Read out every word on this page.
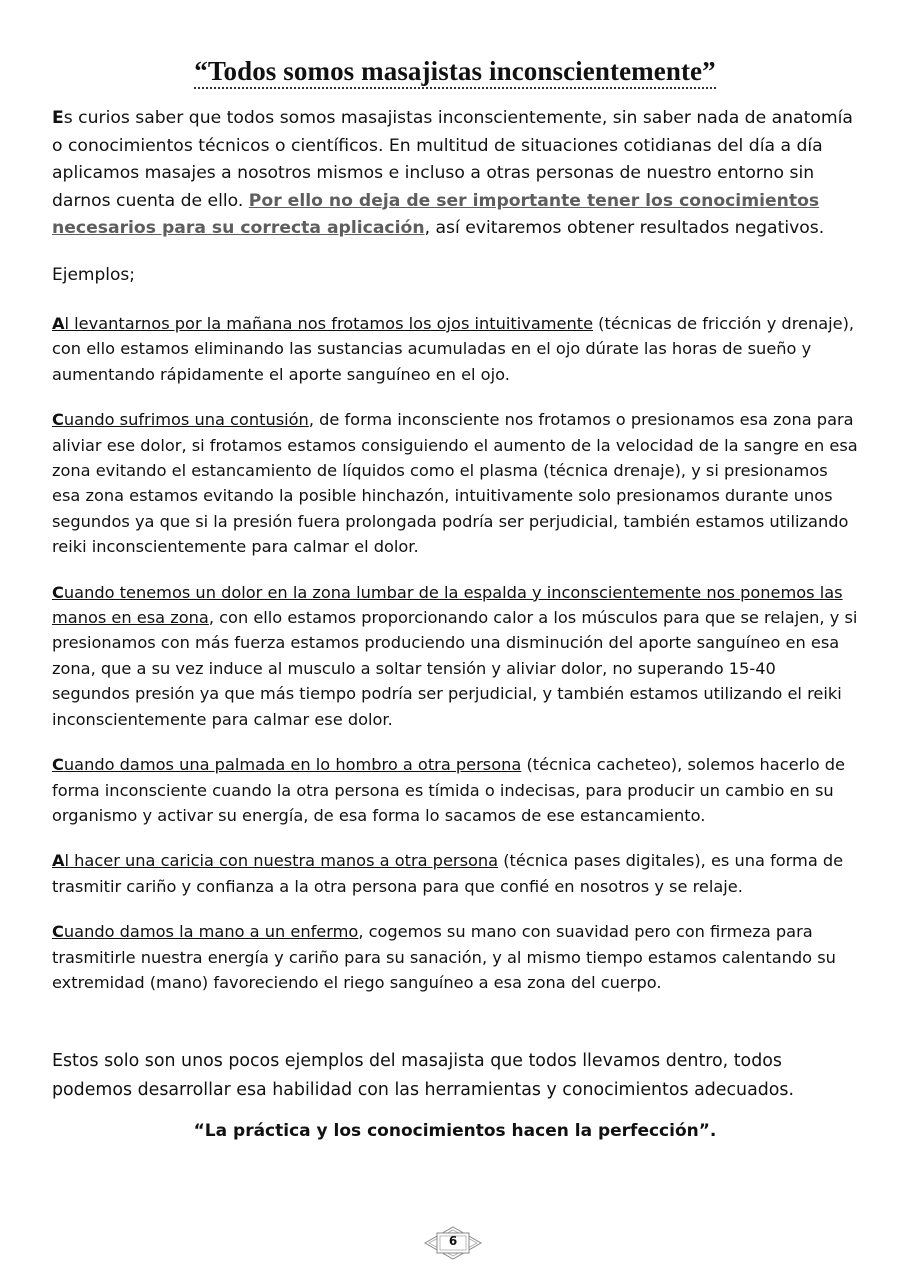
“Todos somos masajistas inconscientemente”

Es curios saber que todos somos masajistas inconscientemente, sin saber nada de anatomía o conocimientos técnicos o científicos. En multitud de situaciones cotidianas del día a día aplicamos masajes a nosotros mismos e incluso a otras personas de nuestro entorno sin darnos cuenta de ello. Por ello no deja de ser importante tener los conocimientos necesarios para su correcta aplicación, así evitaremos obtener resultados negativos.

Ejemplos;

Al levantarnos por la mañana nos frotamos los ojos intuitivamente (técnicas de fricción y drenaje), con ello estamos eliminando las sustancias acumuladas en el ojo dúrate las horas de sueño y aumentando rápidamente el aporte sanguíneo en el ojo.

Cuando sufrimos una contusión, de forma inconsciente nos frotamos o presionamos esa zona para aliviar ese dolor, si frotamos estamos consiguiendo el aumento de la velocidad de la sangre en esa zona evitando el estancamiento de líquidos como el plasma (técnica drenaje), y si presionamos esa zona estamos evitando la posible hinchazón, intuitivamente solo presionamos durante unos segundos ya que si la presión fuera prolongada podría ser perjudicial, también estamos utilizando reiki inconscientemente para calmar el dolor.

Cuando tenemos un dolor en la zona lumbar de la espalda y inconscientemente nos ponemos las manos en esa zona, con ello estamos proporcionando calor a los músculos para que se relajen, y si presionamos con más fuerza estamos produciendo una disminución del aporte sanguíneo en esa zona, que a su vez induce al musculo a soltar tensión y aliviar dolor, no superando 15-40 segundos presión ya que más tiempo podría ser perjudicial, y también estamos utilizando el reiki inconscientemente para calmar ese dolor.

Cuando damos una palmada en lo hombro a otra persona (técnica cacheteo), solemos hacerlo de forma inconsciente cuando la otra persona es tímida o indecisas, para producir un cambio en su organismo y activar su energía, de esa forma lo sacamos de ese estancamiento.

Al hacer una caricia con nuestra manos a otra persona (técnica pases digitales), es una forma de trasmitir cariño y confianza a la otra persona para que confié en nosotros y se relaje.

Cuando damos la mano a un enfermo, cogemos su mano con suavidad pero con firmeza para trasmitirle nuestra energía y cariño para su sanación, y al mismo tiempo estamos calentando su extremidad (mano) favoreciendo el riego sanguíneo a esa zona del cuerpo.

Estos solo son unos pocos ejemplos del masajista que todos llevamos dentro, todos podemos desarrollar esa habilidad con las herramientas y conocimientos adecuados.

“La práctica y los conocimientos hacen la perfección”.

6
